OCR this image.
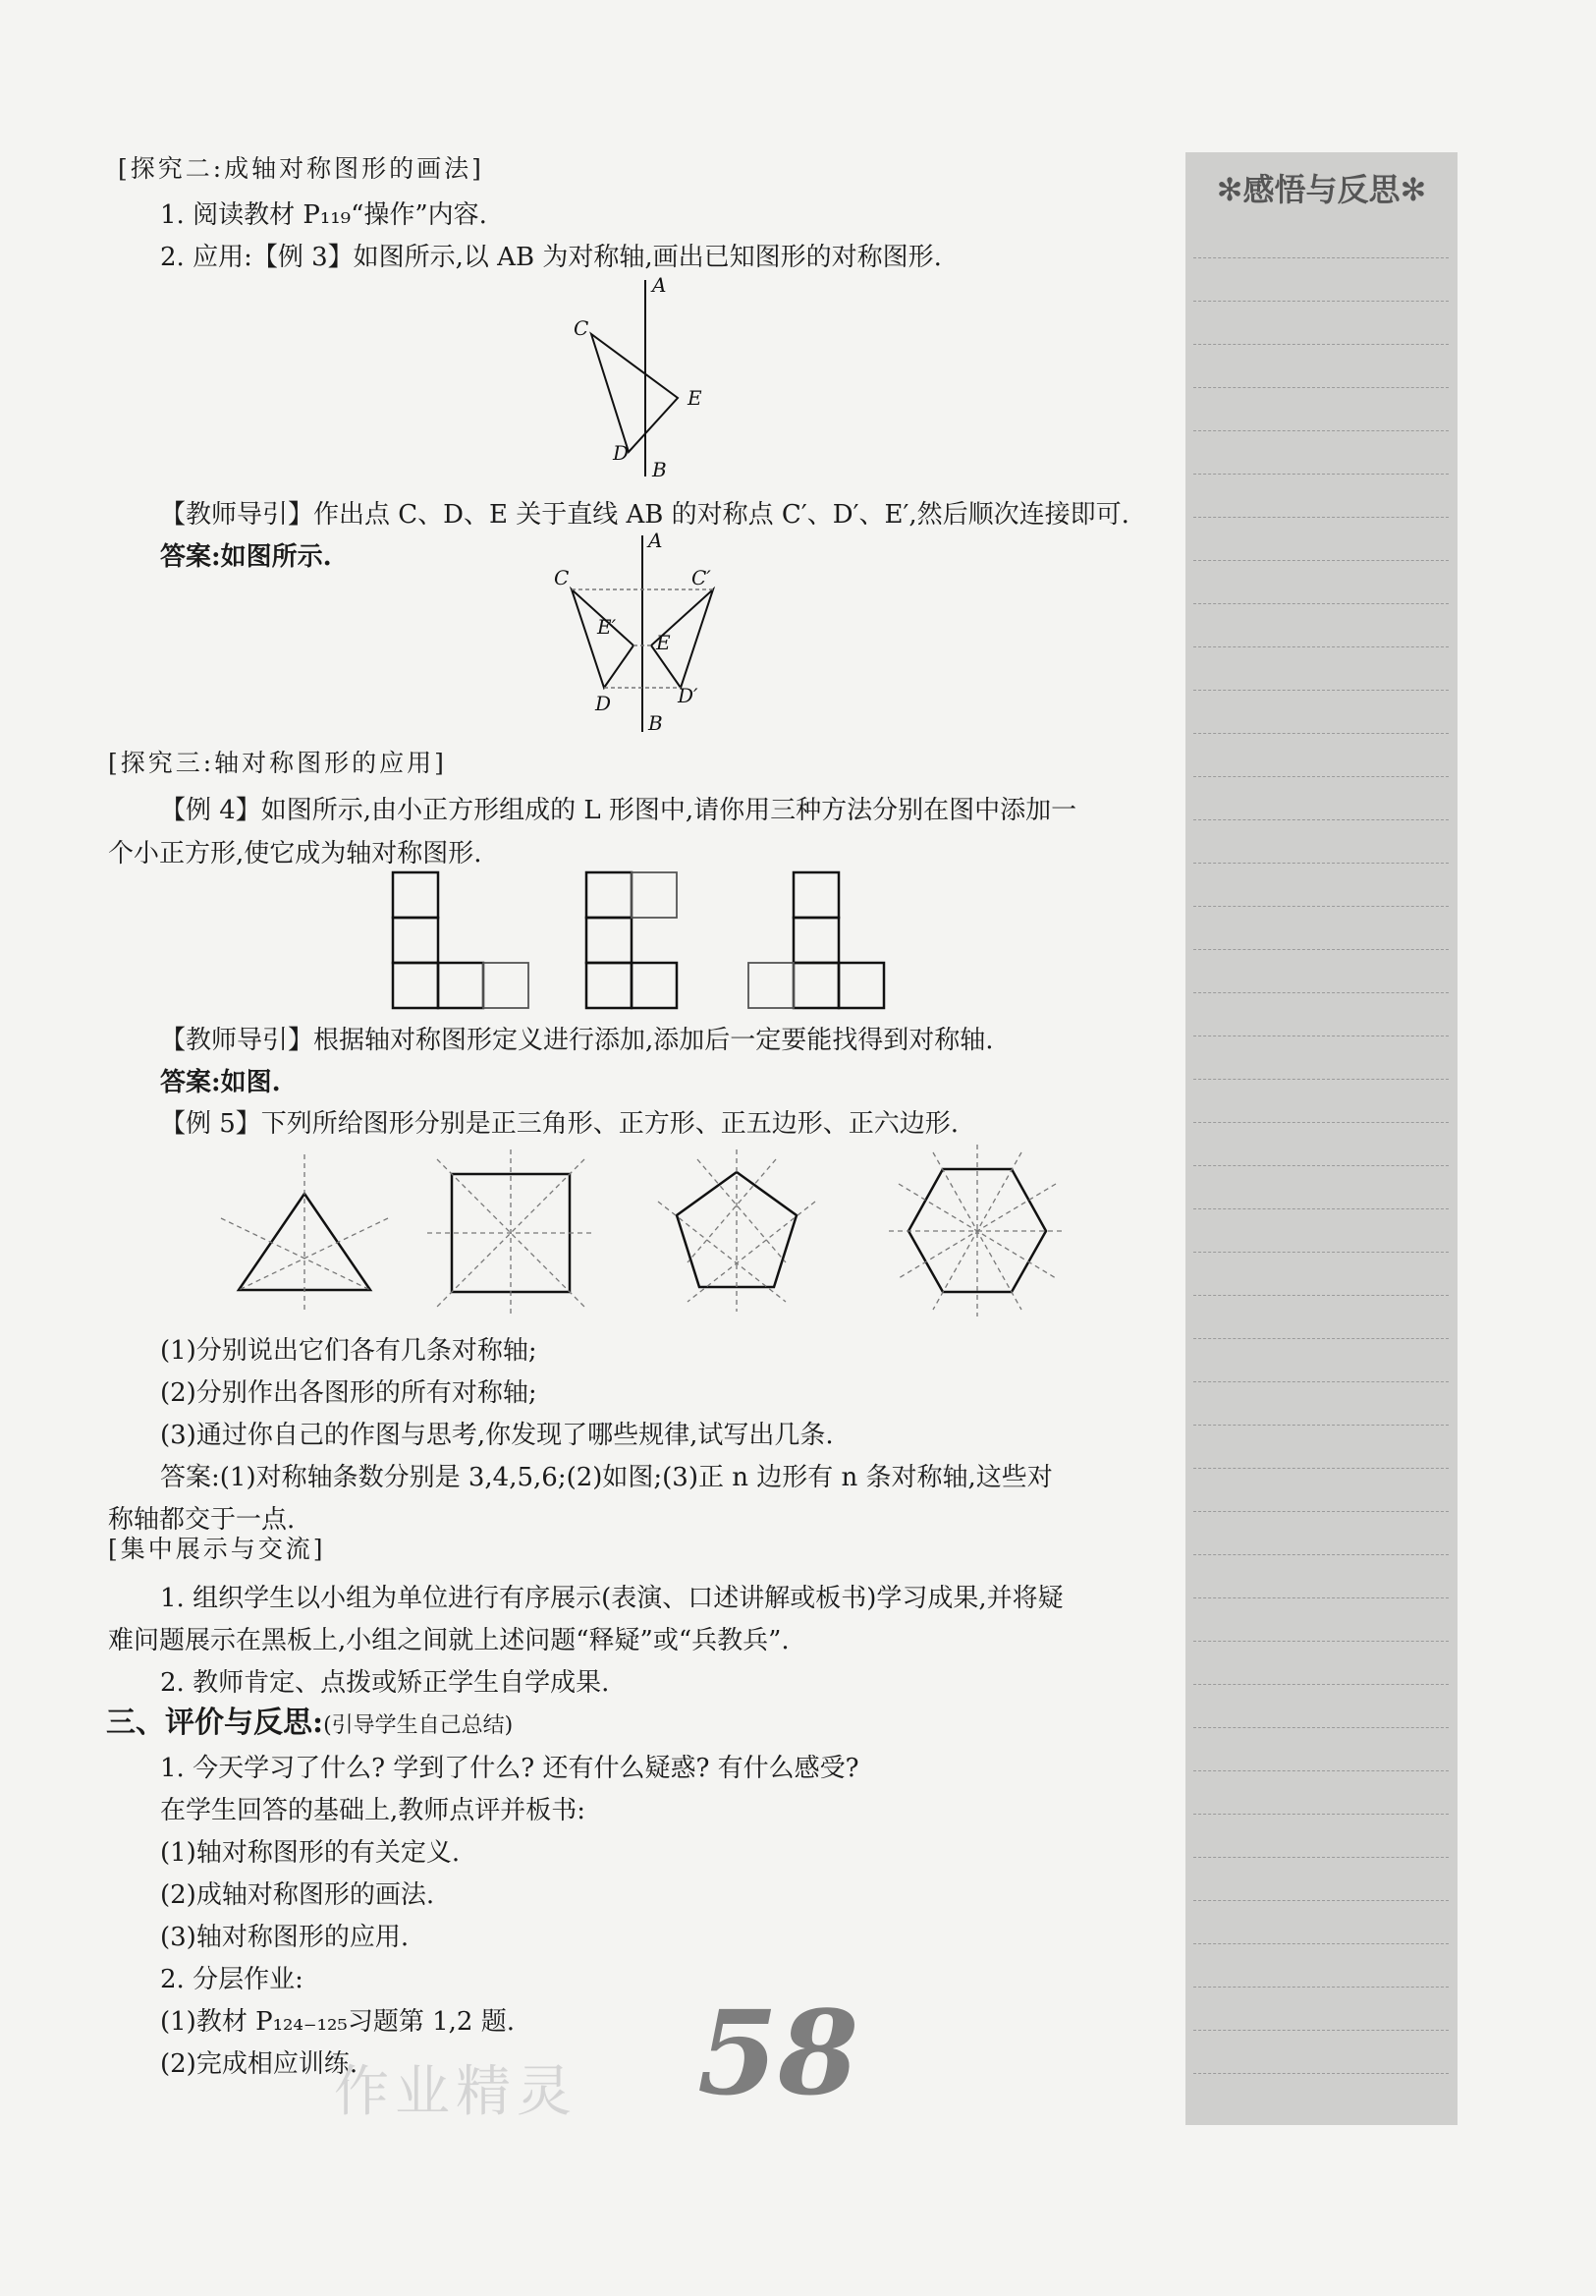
✻感悟与反思✻
[探究二:成轴对称图形的画法]
1. 阅读教材 P₁₁₉“操作”内容.
2. 应用:【例 3】如图所示,以 AB 为对称轴,画出已知图形的对称图形.
A
B
C
D
E
【教师导引】作出点 C、D、E 关于直线 AB 的对称点 C′、D′、E′,然后顺次连接即可.
答案:如图所示.
A
B
C	C′
D	D′
E
E′
[探究三:轴对称图形的应用]
【例 4】如图所示,由小正方形组成的 L 形图中,请你用三种方法分别在图中添加一
个小正方形,使它成为轴对称图形.
【教师导引】根据轴对称图形定义进行添加,添加后一定要能找得到对称轴.
答案:如图.
【例 5】下列所给图形分别是正三角形、正方形、正五边形、正六边形.
(1)分别说出它们各有几条对称轴;
(2)分别作出各图形的所有对称轴;
(3)通过你自己的作图与思考,你发现了哪些规律,试写出几条.
答案:(1)对称轴条数分别是 3,4,5,6;(2)如图;(3)正 n 边形有 n 条对称轴,这些对
称轴都交于一点.
[集中展示与交流]
1. 组织学生以小组为单位进行有序展示(表演、口述讲解或板书)学习成果,并将疑
难问题展示在黑板上,小组之间就上述问题“释疑”或“兵教兵”.
2. 教师肯定、点拨或矫正学生自学成果.
三、评价与反思:(引导学生自己总结)
1. 今天学习了什么? 学到了什么? 还有什么疑惑? 有什么感受?
在学生回答的基础上,教师点评并板书:
(1)轴对称图形的有关定义.
(2)成轴对称图形的画法.
(3)轴对称图形的应用.
2. 分层作业:
(1)教材 P₁₂₄₋₁₂₅习题第 1,2 题.
(2)完成相应训练.
作业精灵 58
